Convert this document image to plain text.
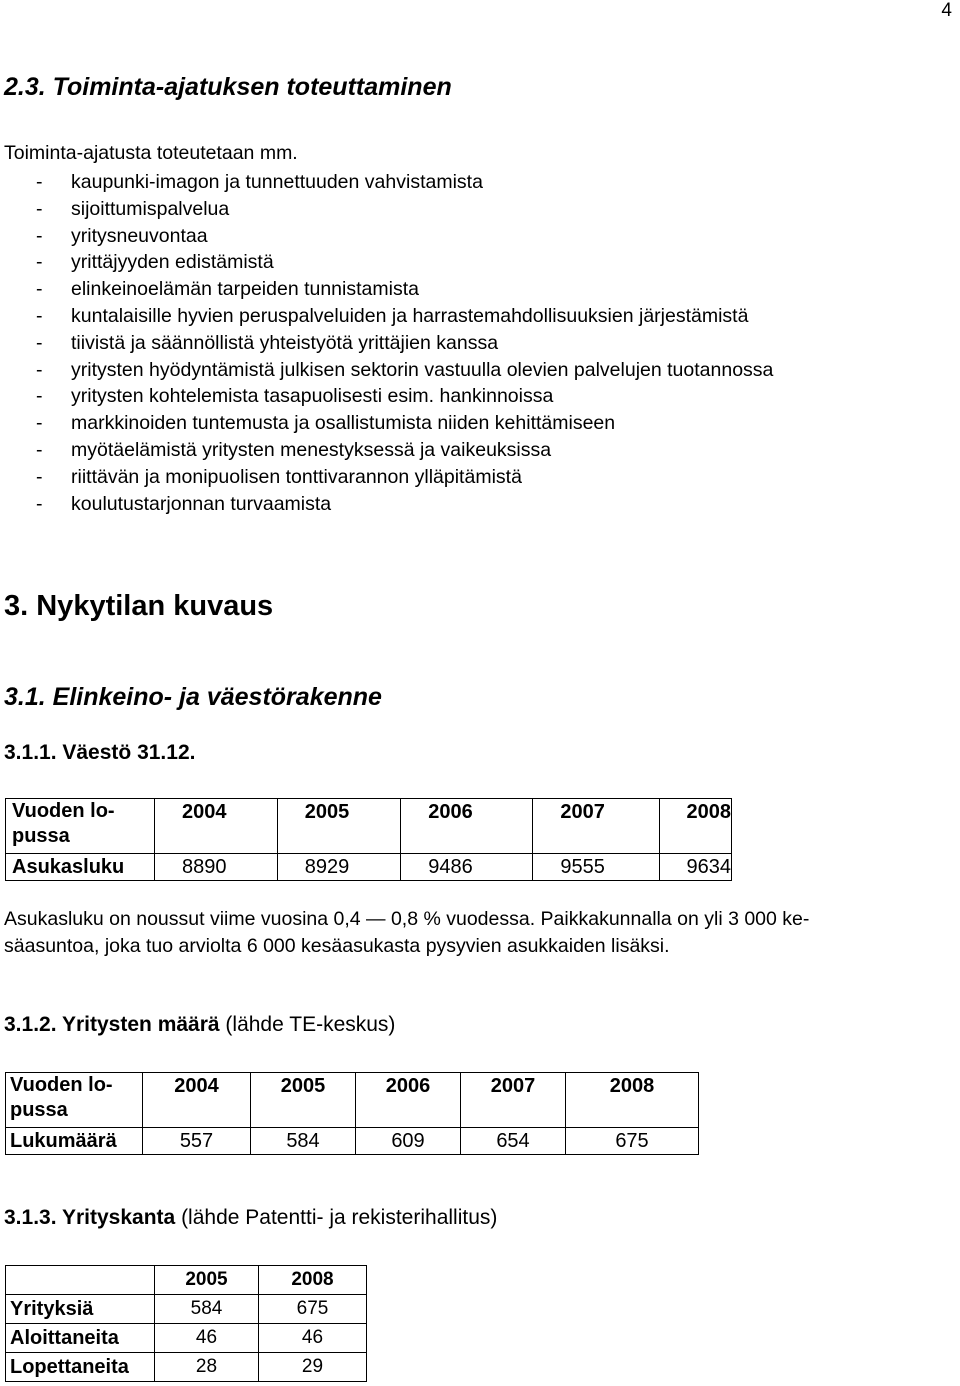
4
2.3. Toiminta-ajatuksen toteuttaminen
Toiminta-ajatusta toteutetaan mm.
- kaupunki-imagon ja tunnettuuden vahvistamista
- sijoittumispalvelua
- yritysneuvontaa
- yrittäjyyden edistämistä
- elinkeinoelämän tarpeiden tunnistamista
- kuntalaisille hyvien peruspalveluiden ja harrastemahdollisuuksien järjestämistä
- tiivistä ja säännöllistä yhteistyötä yrittäjien kanssa
- yritysten hyödyntämistä julkisen sektorin vastuulla olevien palvelujen tuotannossa
- yritysten kohtelemista tasapuolisesti esim. hankinnoissa
- markkinoiden tuntemusta ja osallistumista niiden kehittämiseen
- myötäelämistä yritysten menestyksessä ja vaikeuksissa
- riittävän ja monipuolisen tonttivarannon ylläpitämistä
- koulutustarjonnan turvaamista
3. Nykytilan kuvaus
3.1. Elinkeino- ja väestörakenne
3.1.1. Väestö 31.12.
Vuoden lo-
pussa	2004	2005	2006	2007	2008
Asukasluku	8890	8929	9486	9555	9634
Asukasluku on noussut viime vuosina 0,4 — 0,8 % vuodessa. Paikkakunnalla on yli 3 000 ke-
säasuntoa, joka tuo arviolta 6 000 kesäasukasta pysyvien asukkaiden lisäksi.
3.1.2. Yritysten määrä (lähde TE-keskus)
Vuoden lo-
pussa	2004	2005	2006	2007	2008
Lukumäärä	557	584	609	654	675
3.1.3. Yrityskanta (lähde Patentti- ja rekisterihallitus)
	2005	2008
Yrityksiä	584	675
Aloittaneita	46	46
Lopettaneita	28	29
